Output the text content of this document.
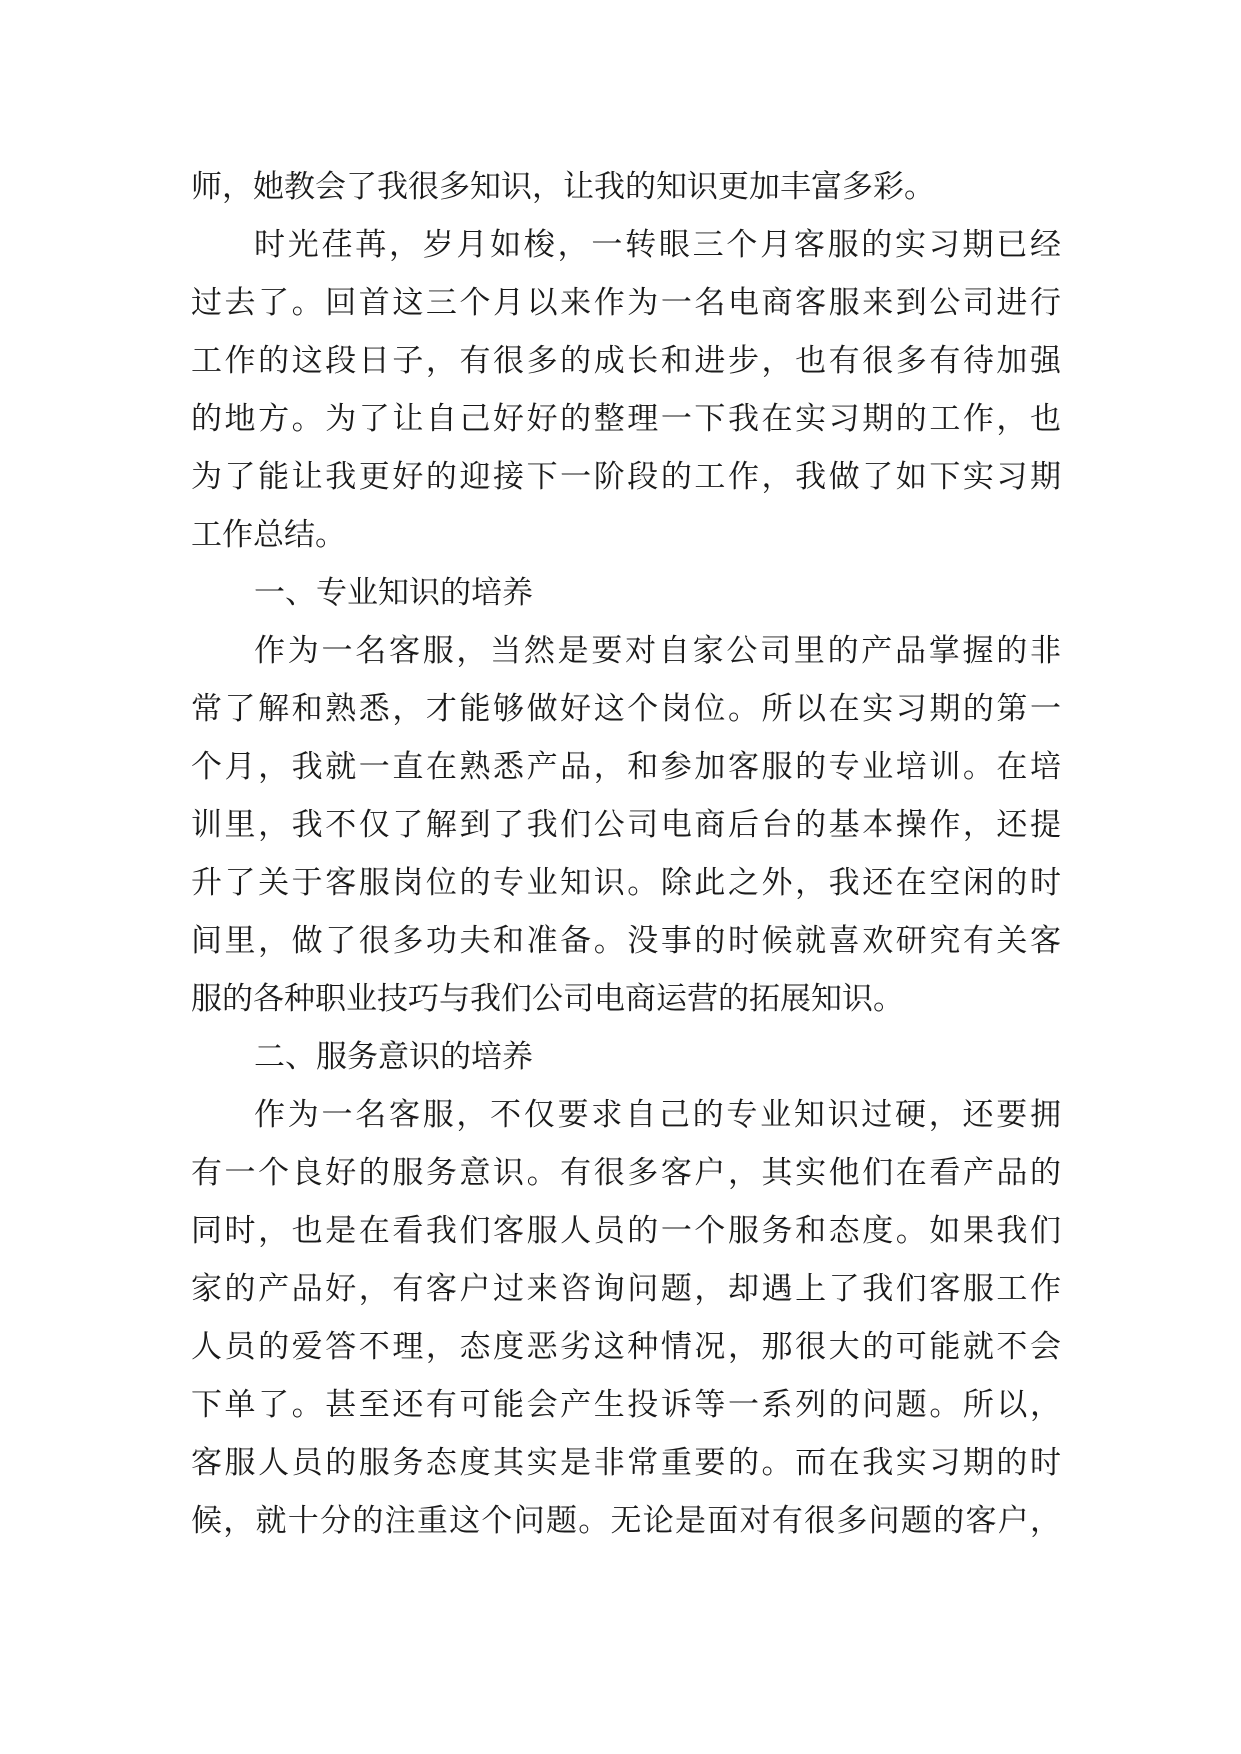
师，她教会了我很多知识，让我的知识更加丰富多彩。
时光荏苒，岁月如梭，一转眼三个月客服的实习期已经
过去了。回首这三个月以来作为一名电商客服来到公司进行
工作的这段日子，有很多的成长和进步，也有很多有待加强
的地方。为了让自己好好的整理一下我在实习期的工作，也
为了能让我更好的迎接下一阶段的工作，我做了如下实习期
工作总结。
一、专业知识的培养
作为一名客服，当然是要对自家公司里的产品掌握的非
常了解和熟悉，才能够做好这个岗位。所以在实习期的第一
个月，我就一直在熟悉产品，和参加客服的专业培训。在培
训里，我不仅了解到了我们公司电商后台的基本操作，还提
升了关于客服岗位的专业知识。除此之外，我还在空闲的时
间里，做了很多功夫和准备。没事的时候就喜欢研究有关客
服的各种职业技巧与我们公司电商运营的拓展知识。
二、服务意识的培养
作为一名客服，不仅要求自己的专业知识过硬，还要拥
有一个良好的服务意识。有很多客户，其实他们在看产品的
同时，也是在看我们客服人员的一个服务和态度。如果我们
家的产品好，有客户过来咨询问题，却遇上了我们客服工作
人员的爱答不理，态度恶劣这种情况，那很大的可能就不会
下单了。甚至还有可能会产生投诉等一系列的问题。所以，
客服人员的服务态度其实是非常重要的。而在我实习期的时
候，就十分的注重这个问题。无论是面对有很多问题的客户，
